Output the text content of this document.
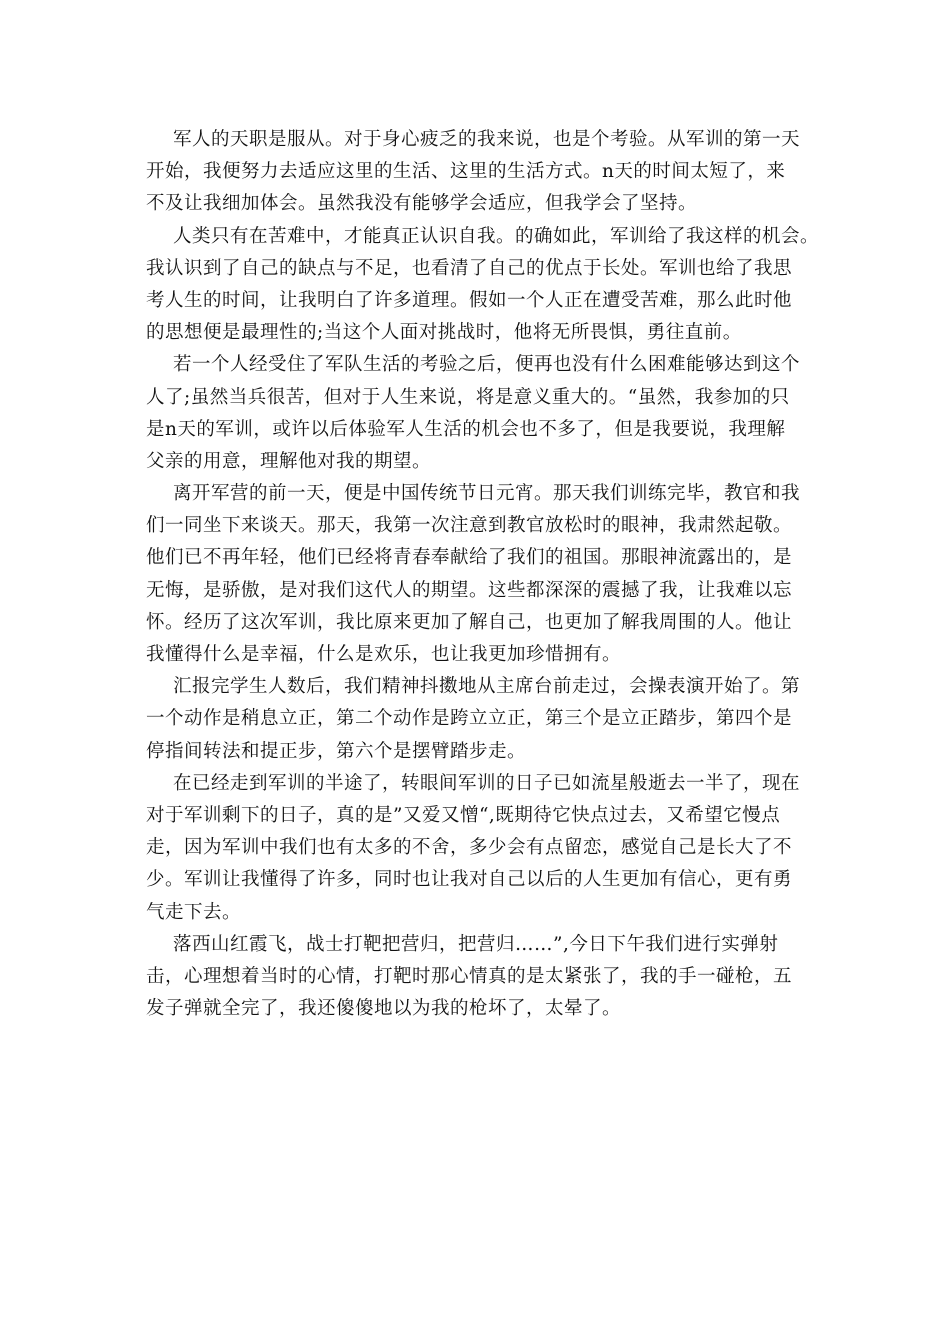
军人的天职是服从。对于身心疲乏的我来说，也是个考验。从军训的第一天
开始，我便努力去适应这里的生活、这里的生活方式。n天的时间太短了，来
不及让我细加体会。虽然我没有能够学会适应，但我学会了坚持。

人类只有在苦难中，才能真正认识自我。的确如此，军训给了我这样的机会。
我认识到了自己的缺点与不足，也看清了自己的优点于长处。军训也给了我思
考人生的时间，让我明白了许多道理。假如一个人正在遭受苦难，那么此时他
的思想便是最理性的;当这个人面对挑战时，他将无所畏惧，勇往直前。

若一个人经受住了军队生活的考验之后，便再也没有什么困难能够达到这个
人了;虽然当兵很苦，但对于人生来说，将是意义重大的。“虽然，我参加的只
是n天的军训，或许以后体验军人生活的机会也不多了，但是我要说，我理解
父亲的用意，理解他对我的期望。

离开军营的前一天，便是中国传统节日元宵。那天我们训练完毕，教官和我
们一同坐下来谈天。那天，我第一次注意到教官放松时的眼神，我肃然起敬。
他们已不再年轻，他们已经将青春奉献给了我们的祖国。那眼神流露出的，是
无悔，是骄傲，是对我们这代人的期望。这些都深深的震撼了我，让我难以忘
怀。经历了这次军训，我比原来更加了解自己，也更加了解我周围的人。他让
我懂得什么是幸福，什么是欢乐，也让我更加珍惜拥有。

汇报完学生人数后，我们精神抖擞地从主席台前走过，会操表演开始了。第
一个动作是稍息立正，第二个动作是跨立立正，第三个是立正踏步，第四个是
停指间转法和提正步，第六个是摆臂踏步走。

在已经走到军训的半途了，转眼间军训的日子已如流星般逝去一半了，现在
对于军训剩下的日子，真的是”又爱又憎“,既期待它快点过去，又希望它慢点
走，因为军训中我们也有太多的不舍，多少会有点留恋，感觉自己是长大了不
少。军训让我懂得了许多，同时也让我对自己以后的人生更加有信心，更有勇
气走下去。

落西山红霞飞，战士打靶把营归，把营归……”,今日下午我们进行实弹射
击，心理想着当时的心情，打靶时那心情真的是太紧张了，我的手一碰枪，五
发子弹就全完了，我还傻傻地以为我的枪坏了，太晕了。
